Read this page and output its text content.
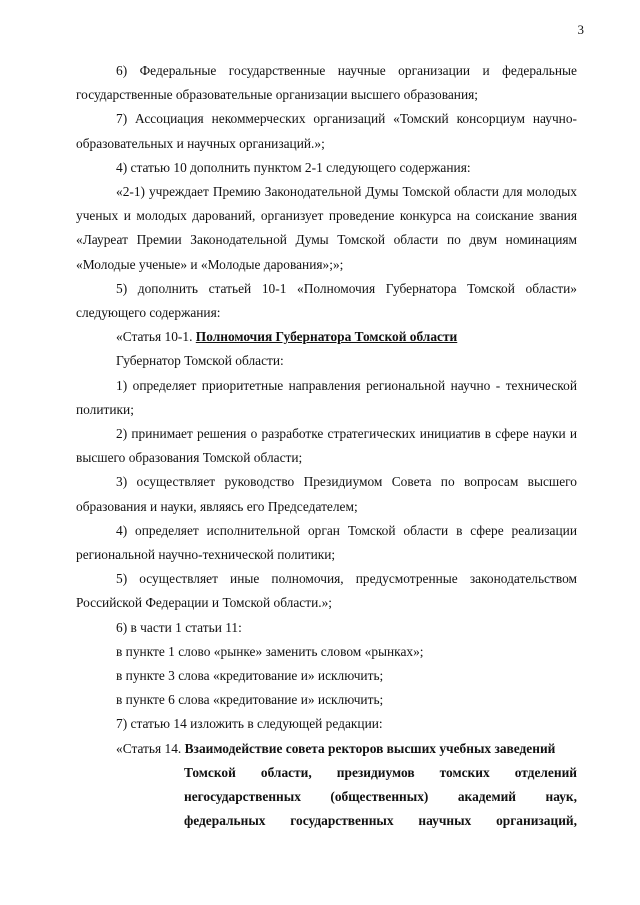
3

6) Федеральные государственные научные организации и федеральные государственные образовательные организации высшего образования;

7) Ассоциация некоммерческих организаций «Томский консорциум научно-образовательных и научных организаций.»;

4) статью 10 дополнить пунктом 2-1 следующего содержания:

«2-1) учреждает Премию Законодательной Думы Томской области для молодых ученых и молодых дарований, организует проведение конкурса на соискание звания «Лауреат Премии Законодательной Думы Томской области по двум номинациям «Молодые ученые» и «Молодые дарования»;»;

5) дополнить статьей 10-1 «Полномочия Губернатора Томской области» следующего содержания:

«Статья 10-1. Полномочия Губернатора Томской области

Губернатор Томской области:

1) определяет приоритетные направления региональной научно - технической политики;

2) принимает решения о разработке стратегических инициатив в сфере науки и высшего образования Томской области;

3) осуществляет руководство Президиумом Совета по вопросам высшего образования и науки, являясь его Председателем;

4) определяет исполнительной орган Томской области в сфере реализации региональной научно-технической политики;

5) осуществляет иные полномочия, предусмотренные законодательством Российской Федерации и Томской области.»;

6) в части 1 статьи 11:

в пункте 1 слово «рынке» заменить словом «рынках»;

в пункте 3 слова «кредитование и» исключить;

в пункте 6 слова «кредитование и» исключить;

7) статью 14 изложить в следующей редакции:

«Статья 14. Взаимодействие совета ректоров высших учебных заведений

Томской области, президиумов томских отделений
негосударственных (общественных) академий наук,
федеральных государственных научных организаций,
